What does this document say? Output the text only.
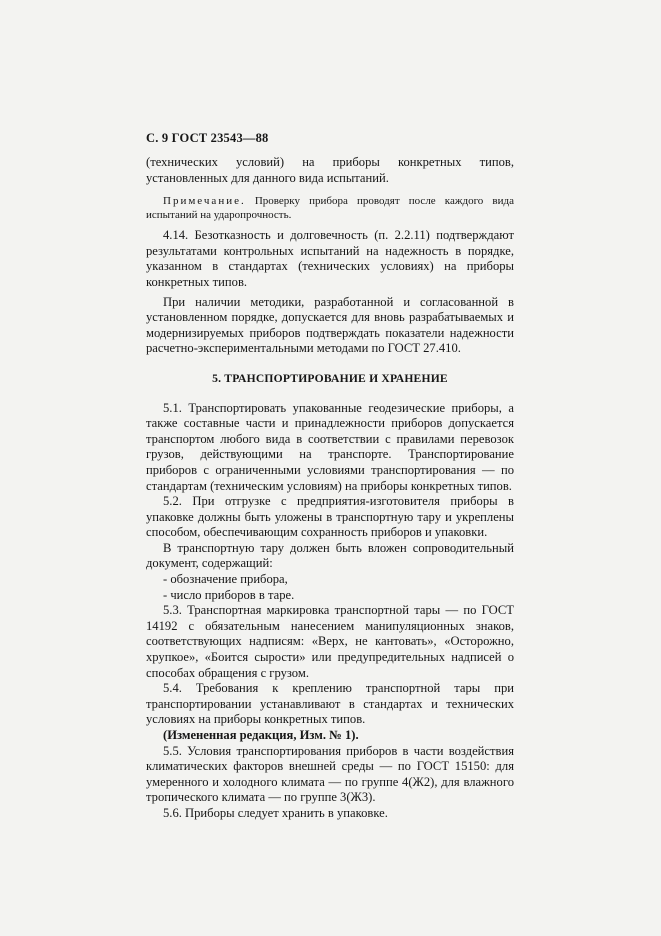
С. 9 ГОСТ 23543—88

(технических условий) на приборы конкретных типов, установленных для данного вида испытаний.

Примечание. Проверку прибора проводят после каждого вида испытаний на ударопрочность.

4.14. Безотказность и долговечность (п. 2.2.11) подтверждают результатами контрольных испытаний на надежность в порядке, указанном в стандартах (технических условиях) на приборы конкретных типов.

При наличии методики, разработанной и согласованной в установленном порядке, допускается для вновь разрабатываемых и модернизируемых приборов подтверждать показатели надежности расчетно-экспериментальными методами по ГОСТ 27.410.

5. ТРАНСПОРТИРОВАНИЕ И ХРАНЕНИЕ

5.1. Транспортировать упакованные геодезические приборы, а также составные части и принадлежности приборов допускается транспортом любого вида в соответствии с правилами перевозок грузов, действующими на транспорте. Транспортирование приборов с ограниченными условиями транспортирования — по стандартам (техническим условиям) на приборы конкретных типов.

5.2. При отгрузке с предприятия-изготовителя приборы в упаковке должны быть уложены в транспортную тару и укреплены способом, обеспечивающим сохранность приборов и упаковки.

В транспортную тару должен быть вложен сопроводительный документ, содержащий:

- обозначение прибора,

- число приборов в таре.

5.3. Транспортная маркировка транспортной тары — по ГОСТ 14192 с обязательным нанесением манипуляционных знаков, соответствующих надписям: «Верх, не кантовать», «Осторожно, хрупкое», «Боится сырости» или предупредительных надписей о способах обращения с грузом.

5.4. Требования к креплению транспортной тары при транспортировании устанавливают в стандартах и технических условиях на приборы конкретных типов.

(Измененная редакция, Изм. № 1).

5.5. Условия транспортирования приборов в части воздействия климатических факторов внешней среды — по ГОСТ 15150: для умеренного и холодного климата — по группе 4(Ж2), для влажного тропического климата — по группе 3(Ж3).

5.6. Приборы следует хранить в упаковке.
